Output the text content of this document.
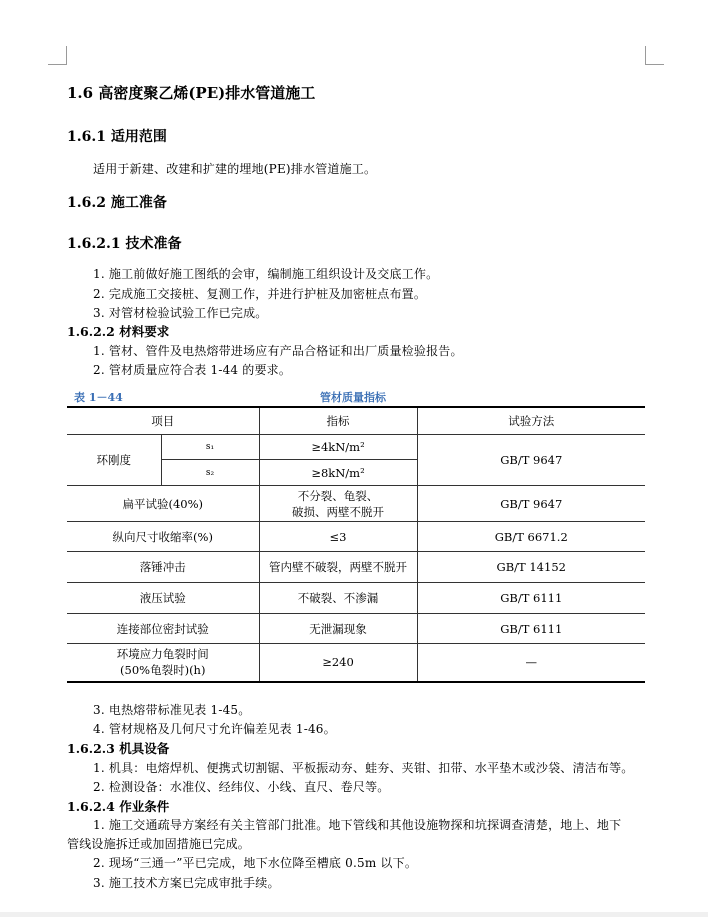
1.6 高密度聚乙烯(PE)排水管道施工
1.6.1 适用范围
适用于新建、改建和扩建的埋地(PE)排水管道施工。
1.6.2 施工准备
1.6.2.1 技术准备
1. 施工前做好施工图纸的会审，编制施工组织设计及交底工作。
2. 完成施工交接桩、复测工作，并进行护桩及加密桩点布置。
3. 对管材检验试验工作已完成。
1.6.2.2 材料要求
1. 管材、管件及电热熔带进场应有产品合格证和出厂质量检验报告。
2. 管材质量应符合表 1-44 的要求。
表 1－44	管材质量指标
项目		指标	试验方法
环刚度	s₁	≥4kN/m²	GB/T 9647
	s₂	≥8kN/m²	
扁平试验(40%)		不分裂、龟裂、
破损、两壁不脱开	GB/T 9647
纵向尺寸收缩率(%)		≤3	GB/T 6671.2
落锤冲击		管内壁不破裂，两壁不脱开	GB/T 14152
液压试验		不破裂、不渗漏	GB/T 6111
连接部位密封试验		无泄漏现象	GB/T 6111

环境应力龟裂时间
(50%龟裂时)(h)		≥240	—
3. 电热熔带标准见表 1-45。
4. 管材规格及几何尺寸允许偏差见表 1-46。
1.6.2.3 机具设备
1. 机具：电熔焊机、便携式切割锯、平板振动夯、蛙夯、夹钳、扣带、水平垫木或沙袋、清洁布等。
2. 检测设备：水准仪、经纬仪、小线、直尺、卷尺等。
1.6.2.4 作业条件
1. 施工交通疏导方案经有关主管部门批准。地下管线和其他设施物探和坑探调查清楚，地上、地下
管线设施拆迁或加固措施已完成。
2. 现场“三通一”平已完成，地下水位降至槽底 0.5m 以下。
3. 施工技术方案已完成审批手续。
